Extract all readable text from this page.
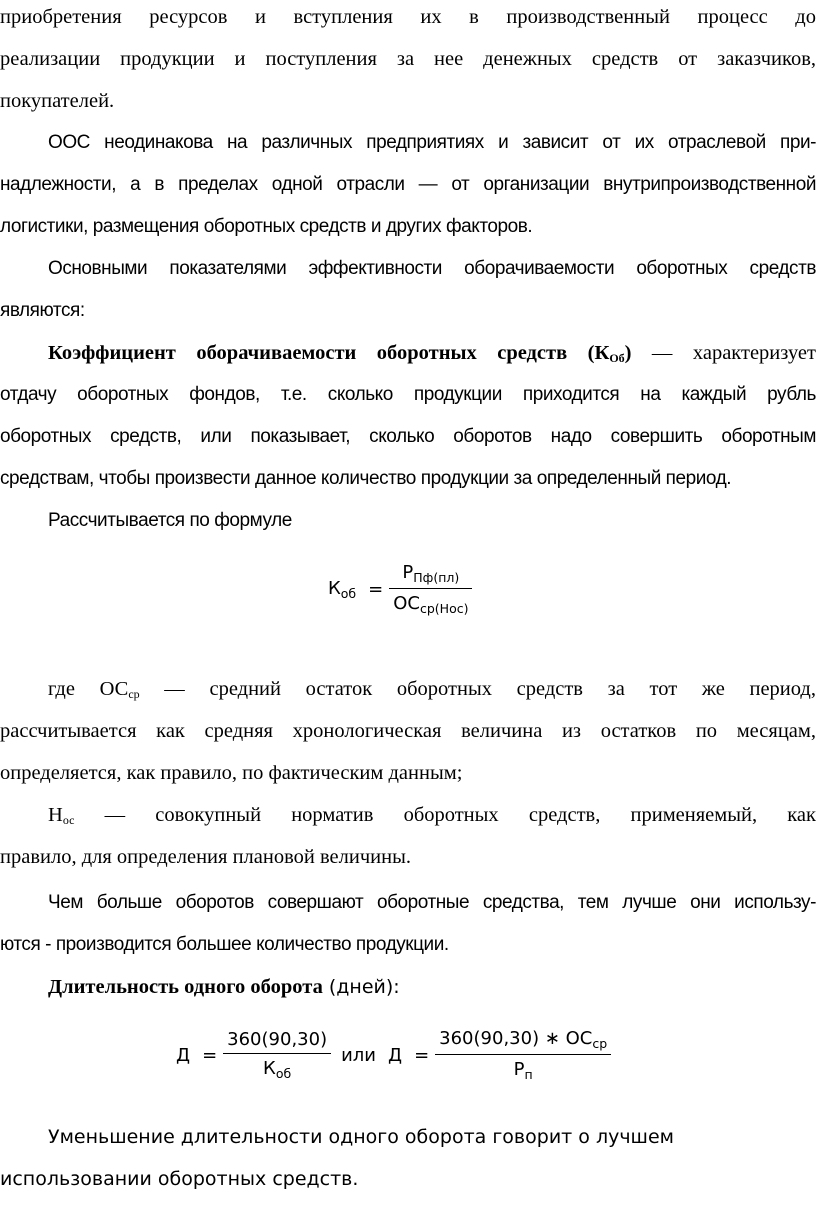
приобретения ресурсов и вступления их в производственный процесс до

реализации продукции и поступления за нее денежных средств от заказчиков,

покупателей.

ООС неодинакова на различных предприятиях и зависит от их отраслевой при-

надлежности, а в пределах одной отрасли — от организации внутрипроизводственной

логистики, размещения оборотных средств и других факторов.

Основными показателями эффективности оборачиваемости оборотных средств

являются:

Коэффициент оборачиваемости оборотных средств $(К_{Об})$ — характеризует

отдачу оборотных фондов, т.е. сколько продукции приходится на каждый рубль

оборотных средств, или показывает, сколько оборотов надо совершить оборотным

средствам, чтобы произвести данное количество продукции за определенный период.

Рассчитывается по формуле

$К_{об} = \frac{Р_{Пф(пл)}}{ОС_{ср(Нос)}}$

где $ОС_{ср}$ — средний остаток оборотных средств за тот же период,

рассчитывается как средняя хронологическая величина из остатков по месяцам,

определяется, как правило, по фактическим данным;

$Н_{ос}$ — совокупный норматив оборотных средств, применяемый, как

правило, для определения плановой величины.

Чем больше оборотов совершают оборотные средства, тем лучше они использу-

ются - производится большее количество продукции.

Длительность одного оборота (дней):

$Д = \frac{360(90,30)}{К_{об}}$ или $Д = \frac{360(90,30) ∗ ОС_{ср}}{Р_п}$

Уменьшение длительности одного оборота говорит о лучшем

использовании оборотных средств.
